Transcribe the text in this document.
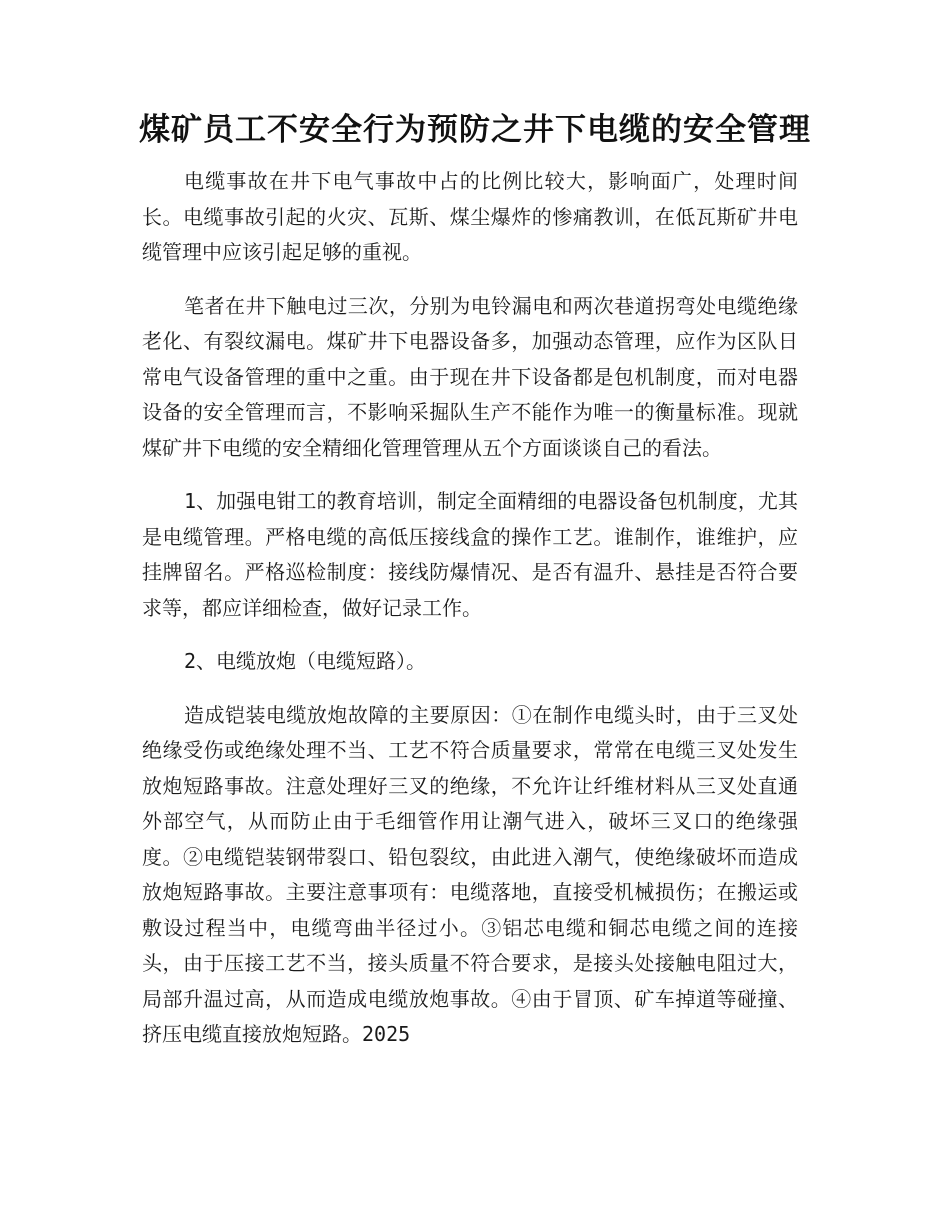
煤矿员工不安全行为预防之井下电缆的安全管理

电缆事故在井下电气事故中占的比例比较大，影响面广，处理时间长。电缆事故引起的火灾、瓦斯、煤尘爆炸的惨痛教训，在低瓦斯矿井电缆管理中应该引起足够的重视。

笔者在井下触电过三次，分别为电铃漏电和两次巷道拐弯处电缆绝缘老化、有裂纹漏电。煤矿井下电器设备多，加强动态管理，应作为区队日常电气设备管理的重中之重。由于现在井下设备都是包机制度，而对电器设备的安全管理而言，不影响采掘队生产不能作为唯一的衡量标准。现就煤矿井下电缆的安全精细化管理管理从五个方面谈谈自己的看法。

1、加强电钳工的教育培训，制定全面精细的电器设备包机制度，尤其是电缆管理。严格电缆的高低压接线盒的操作工艺。谁制作，谁维护，应挂牌留名。严格巡检制度：接线防爆情况、是否有温升、悬挂是否符合要求等，都应详细检查，做好记录工作。

2、电缆放炮（电缆短路）。

造成铠装电缆放炮故障的主要原因：①在制作电缆头时，由于三叉处绝缘受伤或绝缘处理不当、工艺不符合质量要求，常常在电缆三叉处发生放炮短路事故。注意处理好三叉的绝缘，不允许让纤维材料从三叉处直通外部空气，从而防止由于毛细管作用让潮气进入，破坏三叉口的绝缘强度。②电缆铠装钢带裂口、铅包裂纹，由此进入潮气，使绝缘破坏而造成放炮短路事故。主要注意事项有：电缆落地，直接受机械损伤；在搬运或敷设过程当中，电缆弯曲半径过小。③铝芯电缆和铜芯电缆之间的连接头，由于压接工艺不当，接头质量不符合要求，是接头处接触电阻过大，局部升温过高，从而造成电缆放炮事故。④由于冒顶、矿车掉道等碰撞、挤压电缆直接放炮短路。2025
